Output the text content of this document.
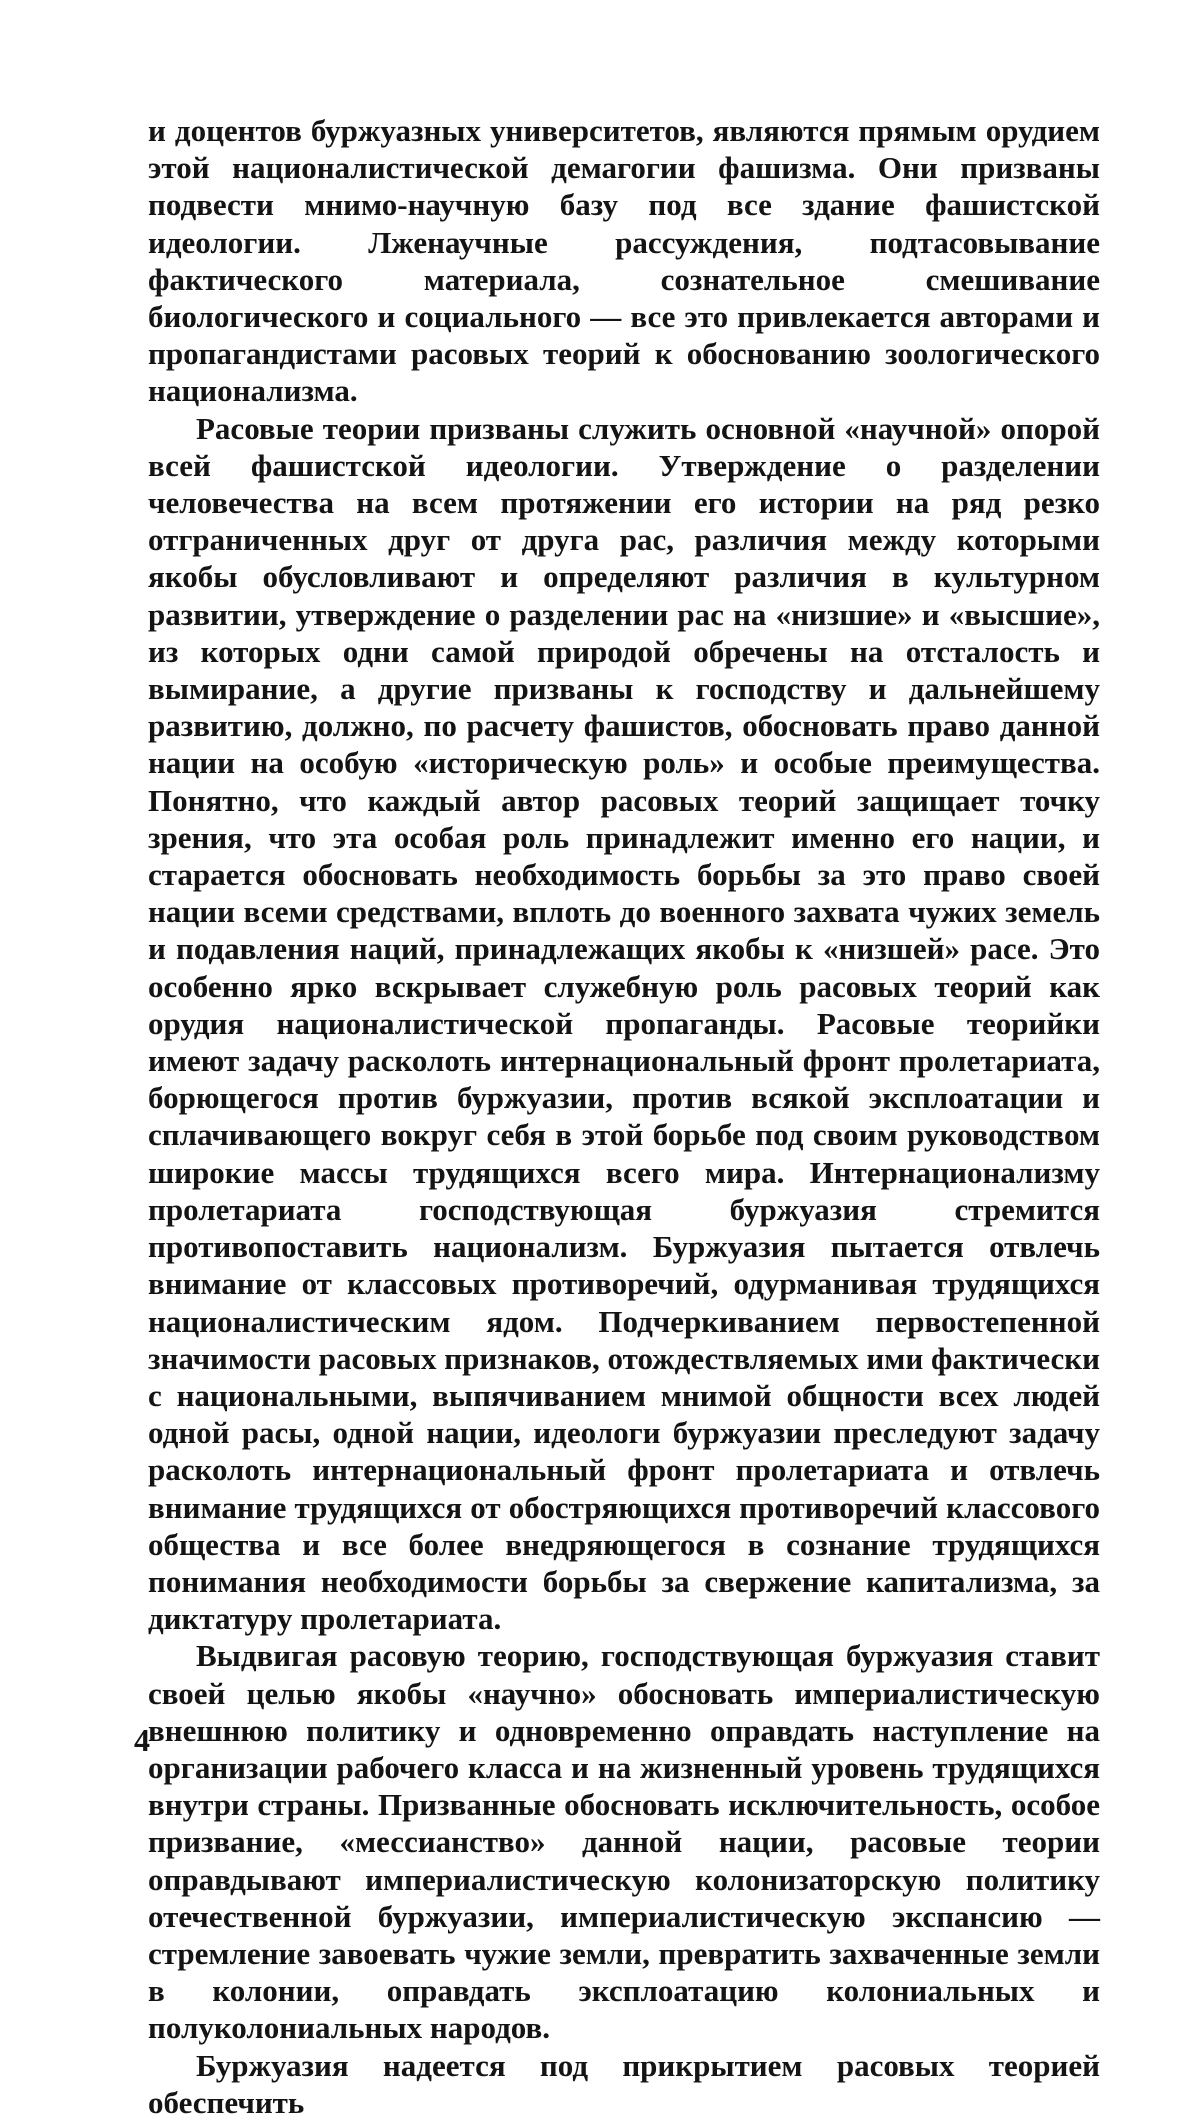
и доцентов буржуазных университетов, являются прямым орудием этой националистической демагогии фашизма. Они призваны подвести мнимо-научную базу под все здание фашистской идеологии. Лженаучные рассуждения, подтасовывание фактического материала, сознательное смешивание биологического и социального — все это привлекается авторами и пропагандистами расовых теорий к обоснованию зоологического национализма.

Расовые теории призваны служить основной «научной» опорой всей фашистской идеологии. Утверждение о разделении человечества на всем протяжении его истории на ряд резко отграниченных друг от друга рас, различия между которыми якобы обусловливают и определяют различия в культурном развитии, утверждение о разделении рас на «низшие» и «высшие», из которых одни самой природой обречены на отсталость и вымирание, а другие призваны к господству и дальнейшему развитию, должно, по расчету фашистов, обосновать право данной нации на особую «историческую роль» и особые преимущества. Понятно, что каждый автор расовых теорий защищает точку зрения, что эта особая роль принадлежит именно его нации, и старается обосновать необходимость борьбы за это право своей нации всеми средствами, вплоть до военного захвата чужих земель и подавления наций, принадлежащих якобы к «низшей» расе. Это особенно ярко вскрывает служебную роль расовых теорий как орудия националистической пропаганды. Расовые теорийки имеют задачу расколоть интернациональный фронт пролетариата, борющегося против буржуазии, против всякой эксплоатации и сплачивающего вокруг себя в этой борьбе под своим руководством широкие массы трудящихся всего мира. Интернационализму пролетариата господствующая буржуазия стремится противопоставить национализм. Буржуазия пытается отвлечь внимание от классовых противоречий, одурманивая трудящихся националистическим ядом. Подчеркиванием первостепенной значимости расовых признаков, отождествляемых ими фактически с национальными, выпячиванием мнимой общности всех людей одной расы, одной нации, идеологи буржуазии преследуют задачу расколоть интернациональный фронт пролетариата и отвлечь внимание трудящихся от обостряющихся противоречий классового общества и все более внедряющегося в сознание трудящихся понимания необходимости борьбы за свержение капитализма, за диктатуру пролетариата.

Выдвигая расовую теорию, господствующая буржуазия ставит своей целью якобы «научно» обосновать империалистическую внешнюю политику и одновременно оправдать наступление на организации рабочего класса и на жизненный уровень трудящихся внутри страны. Призванные обосновать исключительность, особое призвание, «мессианство» данной нации, расовые теории оправдывают империалистическую колонизаторскую политику отечественной буржуазии, империалистическую экспансию — стремление завоевать чужие земли, превратить захваченные земли в колонии, оправдать эксплоатацию колониальных и полуколониальных народов.

Буржуазия надеется под прикрытием расовых теорией обеспечить

4
